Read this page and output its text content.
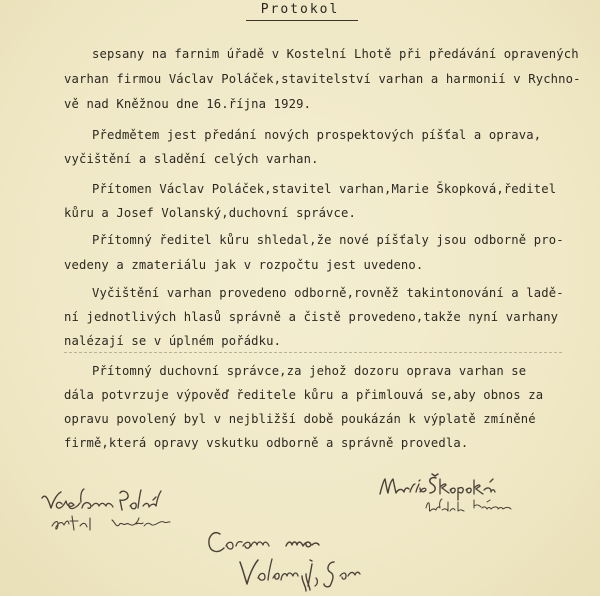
Protokol
sepsany na farnim úřadě v Kostelní Lhotě při předávání opravených
varhan firmou Václav Poláček,stavitelství varhan a harmonií v Rychno-
vě nad Kněžnou dne 16.října 1929.
Předmětem jest předání nových prospektových píšťal a oprava,
vyčištění a sladění celých varhan.
Přítomen Václav Poláček,stavitel varhan,Marie Škopková,ředitel
kůru a Josef Volanský,duchovní správce.
Přítomný ředitel kůru shledal,že nové píšťaly jsou odborně pro-
vedeny a zmateriálu jak v rozpočtu jest uvedeno.
Vyčištění varhan provedeno odborně,rovněž takintonování a ladě-
ní jednotlivých hlasů správně a čistě provedeno,takže nyní varhany
nalézají se v úplném pořádku.
Přítomný duchovní správce,za jehož dozoru oprava varhan se
dála potvrzuje výpověď ředitele kůru a přimlouvá se,aby obnos za
opravu povolený byl v nejbližší době poukázán k výplatě zmíněné
firmě,která opravy vskutku odborně a správně provedla.
